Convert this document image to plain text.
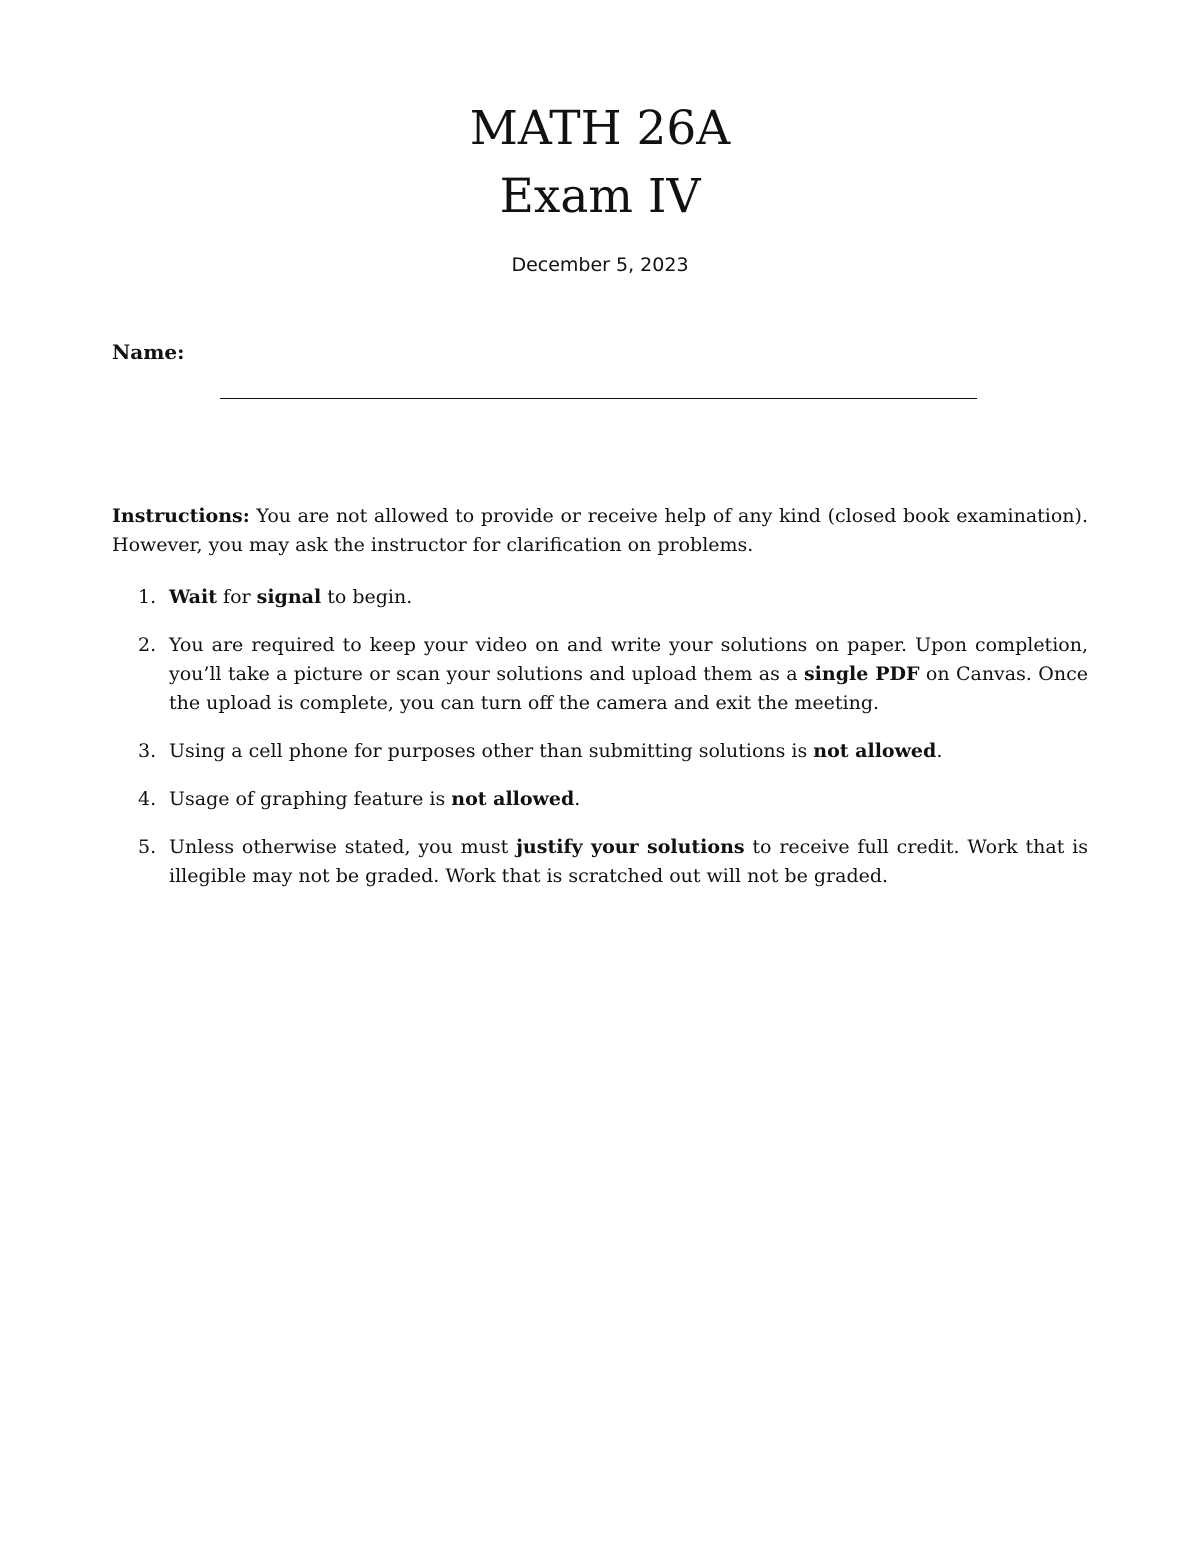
MATH 26A
Exam IV
December 5, 2023
Name:

Instructions: You are not allowed to provide or receive help of any kind (closed book examination). However, you may ask the instructor for clarification on problems.

1. Wait for signal to begin.
2. You are required to keep your video on and write your solutions on paper. Upon completion, you’ll take a picture or scan your solutions and upload them as a single PDF on Canvas. Once the upload is complete, you can turn off the camera and exit the meeting.
3. Using a cell phone for purposes other than submitting solutions is not allowed.
4. Usage of graphing feature is not allowed.
5. Unless otherwise stated, you must justify your solutions to receive full credit. Work that is illegible may not be graded. Work that is scratched out will not be graded.
